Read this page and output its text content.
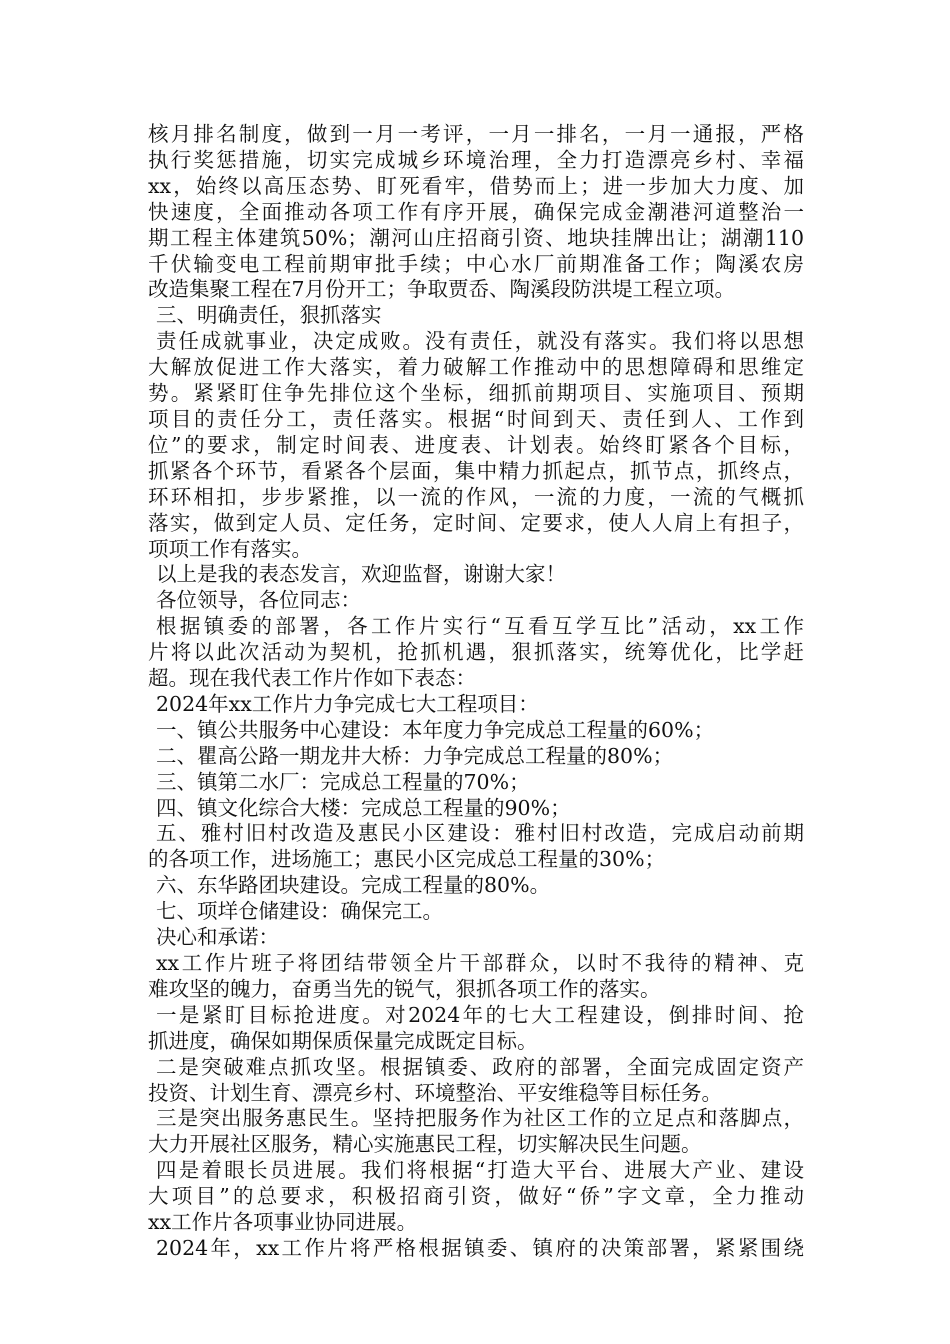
核月排名制度，做到一月一考评，一月一排名，一月一通报，严格

执行奖惩措施，切实完成城乡环境治理，全力打造漂亮乡村、幸福

xx，始终以高压态势、盯死看牢，借势而上；进一步加大力度、加

快速度，全面推动各项工作有序开展，确保完成金潮港河道整治一

期工程主体建筑50%；潮河山庄招商引资、地块挂牌出让；湖潮110

千伏输变电工程前期审批手续；中心水厂前期准备工作；陶溪农房

改造集聚工程在7月份开工；争取贾岙、陶溪段防洪堤工程立项。

三、明确责任，狠抓落实

责任成就事业，决定成败。没有责任，就没有落实。我们将以思想

大解放促进工作大落实，着力破解工作推动中的思想障碍和思维定

势。紧紧盯住争先排位这个坐标，细抓前期项目、实施项目、预期

项目的责任分工，责任落实。根据“时间到天、责任到人、工作到

位”的要求，制定时间表、进度表、计划表。始终盯紧各个目标，

抓紧各个环节，看紧各个层面，集中精力抓起点，抓节点，抓终点，

环环相扣，步步紧推，以一流的作风，一流的力度，一流的气概抓

落实，做到定人员、定任务，定时间、定要求，使人人肩上有担子，

项项工作有落实。

以上是我的表态发言，欢迎监督，谢谢大家！

各位领导，各位同志：

根据镇委的部署，各工作片实行“互看互学互比”活动，xx工作

片将以此次活动为契机，抢抓机遇，狠抓落实，统筹优化，比学赶

超。现在我代表工作片作如下表态：

2024年xx工作片力争完成七大工程项目：

一、镇公共服务中心建设：本年度力争完成总工程量的60%；

二、瞿高公路一期龙井大桥：力争完成总工程量的80%；

三、镇第二水厂：完成总工程量的70%；

四、镇文化综合大楼：完成总工程量的90%；

五、雅村旧村改造及惠民小区建设：雅村旧村改造，完成启动前期

的各项工作，进场施工；惠民小区完成总工程量的30%；

六、东华路团块建设。完成工程量的80%。

七、项垟仓储建设：确保完工。

决心和承诺：

xx工作片班子将团结带领全片干部群众，以时不我待的精神、克

难攻坚的魄力，奋勇当先的锐气，狠抓各项工作的落实。

一是紧盯目标抢进度。对2024年的七大工程建设，倒排时间、抢

抓进度，确保如期保质保量完成既定目标。

二是突破难点抓攻坚。根据镇委、政府的部署，全面完成固定资产

投资、计划生育、漂亮乡村、环境整治、平安维稳等目标任务。

三是突出服务惠民生。坚持把服务作为社区工作的立足点和落脚点，

大力开展社区服务，精心实施惠民工程，切实解决民生问题。

四是着眼长员进展。我们将根据“打造大平台、进展大产业、建设

大项目”的总要求，积极招商引资，做好“侨”字文章，全力推动

xx工作片各项事业协同进展。

2024年，xx工作片将严格根据镇委、镇府的决策部署，紧紧围绕
